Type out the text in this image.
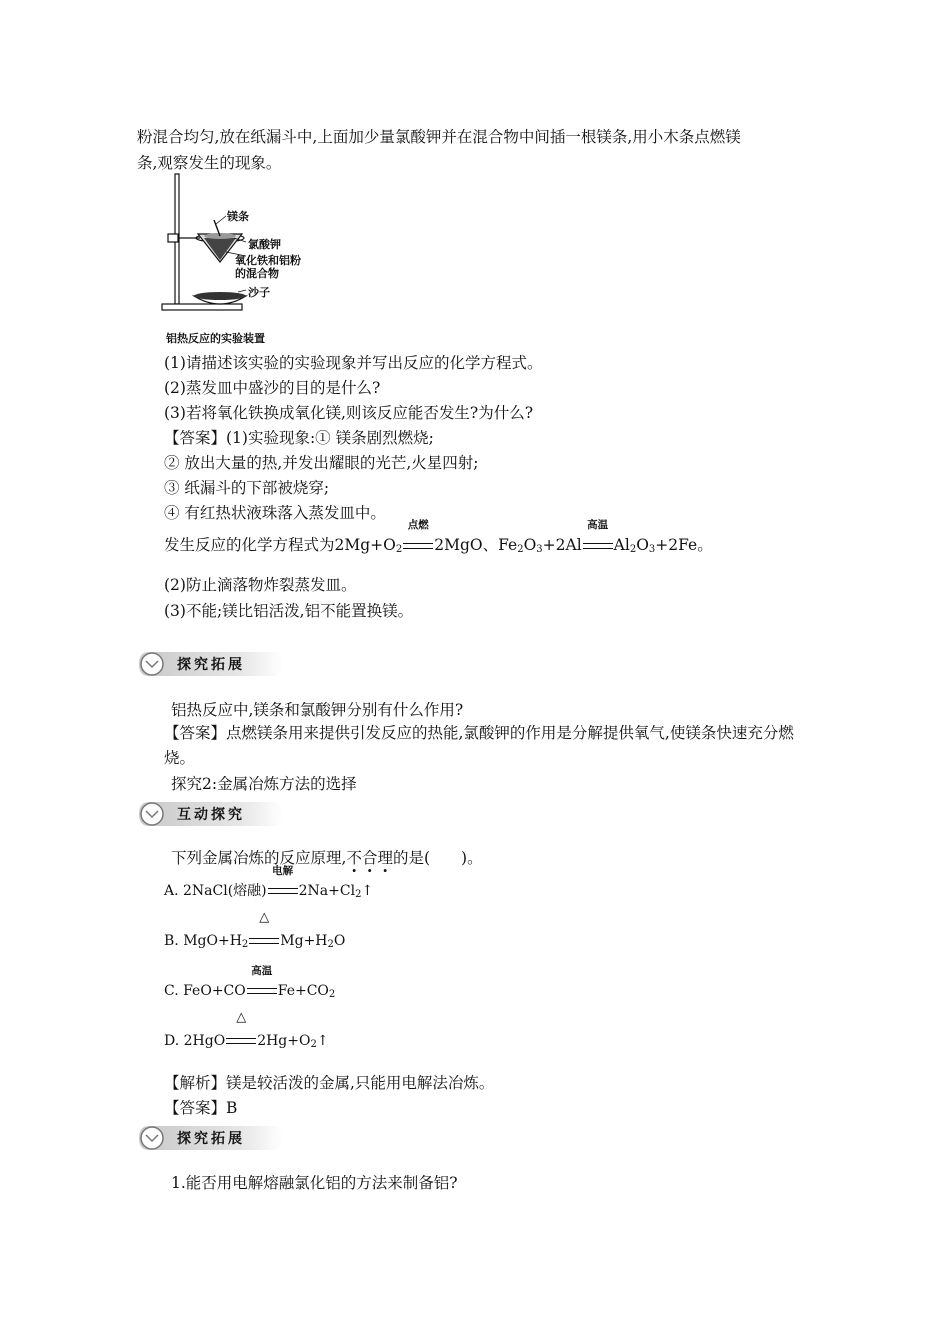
粉混合均匀,放在纸漏斗中,上面加少量氯酸钾并在混合物中间插一根镁条,用小木条点燃镁
条,观察发生的现象。
镁条
氯酸钾
氧化铁和铝粉
的混合物
沙子
铝热反应的实验装置
(1)请描述该实验的实验现象并写出反应的化学方程式。
(2)蒸发皿中盛沙的目的是什么?
(3)若将氧化铁换成氧化镁,则该反应能否发生?为什么?
【答案】(1)实验现象:① 镁条剧烈燃烧;
② 放出大量的热,并发出耀眼的光芒,火星四射;
③ 纸漏斗的下部被烧穿;
④ 有红热状液珠落入蒸发皿中。
发生反应的化学方程式为$2Mg+O_2$
点燃
2MgO、$Fe_2O_3+2Al$
高温
$Al_2O_3+2Fe$。
(2)防止滴落物炸裂蒸发皿。
(3)不能;镁比铝活泼,铝不能置换镁。
探究拓展
铝热反应中,镁条和氯酸钾分别有什么作用?
【答案】点燃镁条用来提供引发反应的热能,氯酸钾的作用是分解提供氧气,使镁条快速充分燃烧。
探究2:金属冶炼方法的选择
互动探究
下列金属冶炼的反应原理,不合理的是(　　)。
A. 2NaCl(熔融)
电解
$2Na+Cl_2↑$
B. $MgO+H_2$
△
$Mg+H_2O$
C. FeO+CO
高温
$Fe+CO_2$
D. 2HgO
△
$2Hg+O_2↑$
【解析】镁是较活泼的金属,只能用电解法冶炼。
【答案】B
探究拓展
1.能否用电解熔融氯化铝的方法来制备铝?
